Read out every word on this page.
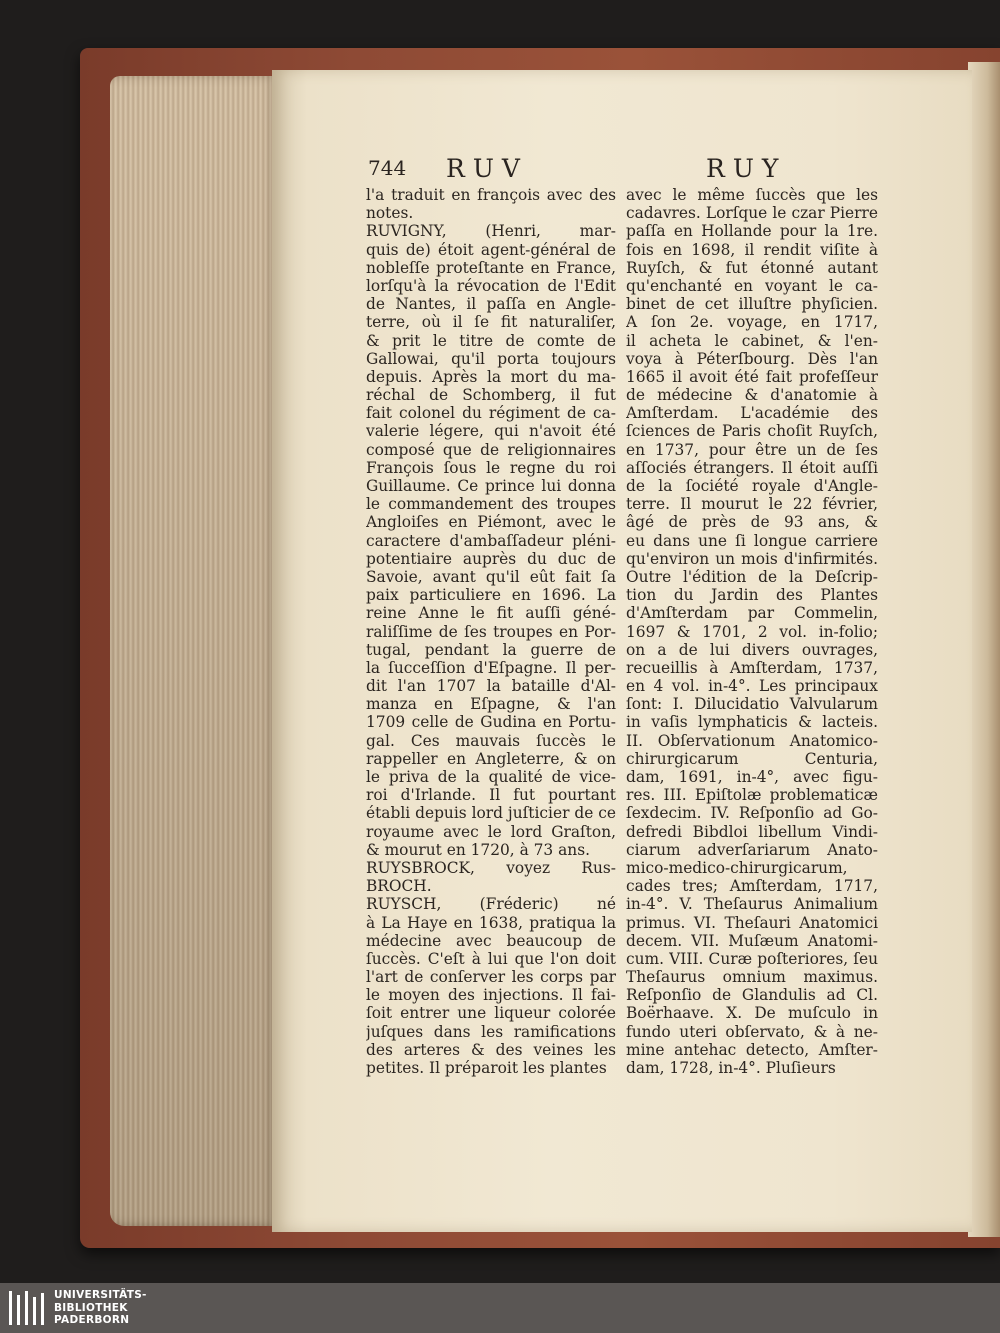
744 RUV	RUY
l'a traduit en françois avec des
notes.
RUVIGNY, (Henri, mar-
quis de) étoit agent-général de
nobleſſe proteſtante en France,
lorſqu'à la révocation de l'Edit
de Nantes, il paſſa en Angle-
terre, où il ſe fit naturaliſer,
& prit le titre de comte de
Gallowai, qu'il porta toujours
depuis. Après la mort du ma-
réchal de Schomberg, il fut
fait colonel du régiment de ca-
valerie légere, qui n'avoit été
composé que de religionnaires
François ſous le regne du roi
Guillaume. Ce prince lui donna
le commandement des troupes
Angloiſes en Piémont, avec le
caractere d'ambaſſadeur pléni-
potentiaire auprès du duc de
Savoie, avant qu'il eût fait ſa
paix particuliere en 1696. La
reine Anne le fit auſſi géné-
raliſſime de ſes troupes en Por-
tugal, pendant la guerre de
la ſucceſſion d'Eſpagne. Il per-
dit l'an 1707 la bataille d'Al-
manza en Eſpagne, & l'an
1709 celle de Gudina en Portu-
gal. Ces mauvais ſuccès le
rappeller en Angleterre, & on
le priva de la qualité de vice-
roi d'Irlande. Il fut pourtant
établi depuis lord juſticier de ce
royaume avec le lord Graſton,
& mourut en 1720, à 73 ans.
RUYSBROCK, voyez Rus-
BROCH.
RUYSCH, (Fréderic) né
à La Haye en 1638, pratiqua la
médecine avec beaucoup de
ſuccès. C'eſt à lui que l'on doit
l'art de conſerver les corps par
le moyen des injections. Il fai-
ſoit entrer une liqueur colorée
juſques dans les ramifications
des arteres & des veines les
petites. Il préparoit les plantes
avec le même ſuccès que les
cadavres. Lorſque le czar Pierre
paſſa en Hollande pour la 1re.
fois en 1698, il rendit viſite à
Ruyſch, & fut étonné autant
qu'enchanté en voyant le ca-
binet de cet illuſtre phyſicien.
A ſon 2e. voyage, en 1717,
il acheta le cabinet, & l'en-
voya à Péterſbourg. Dès l'an
1665 il avoit été fait profeſſeur
de médecine & d'anatomie à
Amſterdam. L'académie des
ſciences de Paris choſit Ruyſch,
en 1737, pour être un de ſes
aſſociés étrangers. Il étoit auſſi
de la ſociété royale d'Angle-
terre. Il mourut le 22 février,
âgé de près de 93 ans, &
eu dans une ſi longue carriere
qu'environ un mois d'infirmités.
Outre l'édition de la Deſcrip-
tion du Jardin des Plantes
d'Amſterdam par Commelin,
1697 & 1701, 2 vol. in-folio;
on a de lui divers ouvrages,
recueillis à Amſterdam, 1737,
en 4 vol. in-4°. Les principaux
ſont: I. Dilucidatio Valvularum
in vaſis lymphaticis & lacteis.
II. Obſervationum Anatomico-
chirurgicarum Centuria,
dam, 1691, in-4°, avec figu-
res. III. Epiſtolæ problematicæ
ſexdecim. IV. Reſponſio ad Go-
defredi Bibdloi libellum Vindi-
ciarum adverſariarum Anato-
mico-medico-chirurgicarum,
cades tres; Amſterdam, 1717,
in-4°. V. Theſaurus Animalium
primus. VI. Theſauri Anatomici
decem. VII. Muſæum Anatomi-
cum. VIII. Curæ poſteriores, ſeu
Theſaurus omnium maximus.
Reſponſio de Glandulis ad Cl.
Boërhaave. X. De muſculo in
fundo uteri obſervato, & à ne-
mine antehac detecto, Amſter-
dam, 1728, in-4°. Pluſieurs
UNIVERSITÄTS-
BIBLIOTHEK
PADERBORN
